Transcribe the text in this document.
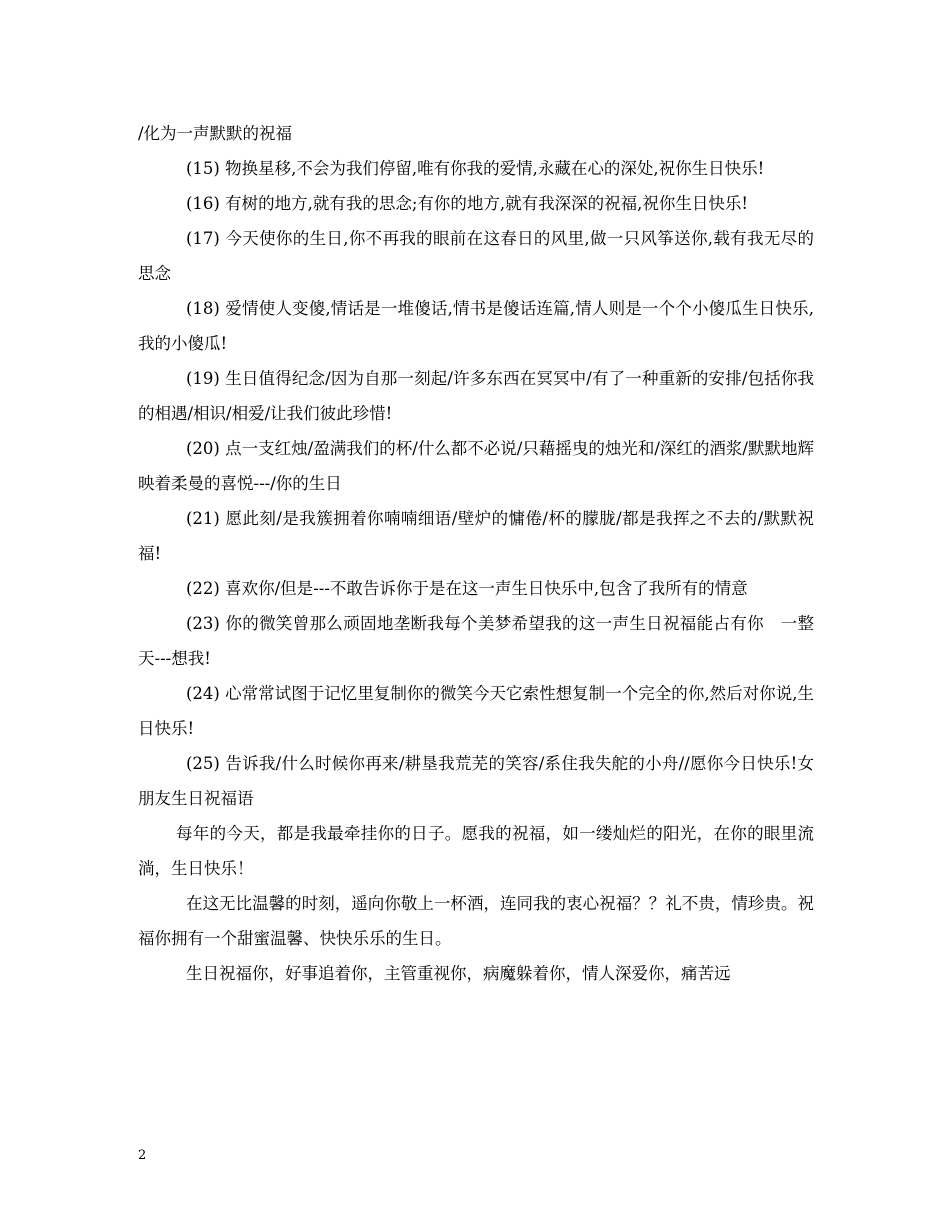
/化为一声默默的祝福

(15) 物换星移,不会为我们停留,唯有你我的爱情,永藏在心的深处,祝你生日快乐!

(16) 有树的地方,就有我的思念;有你的地方,就有我深深的祝福,祝你生日快乐!

(17) 今天使你的生日,你不再我的眼前在这春日的风里,做一只风筝送你,载有我无尽的思念

(18) 爱情使人变傻,情话是一堆傻话,情书是傻话连篇,情人则是一个个小傻瓜生日快乐,我的小傻瓜!

(19) 生日值得纪念/因为自那一刻起/许多东西在冥冥中/有了一种重新的安排/包括你我的相遇/相识/相爱/让我们彼此珍惜!

(20) 点一支红烛/盈满我们的杯/什么都不必说/只藉摇曳的烛光和/深红的酒浆/默默地辉映着柔曼的喜悦---/你的生日

(21) 愿此刻/是我簇拥着你喃喃细语/壁炉的慵倦/杯的朦胧/都是我挥之不去的/默默祝福!

(22) 喜欢你/但是---不敢告诉你于是在这一声生日快乐中,包含了我所有的情意

(23) 你的微笑曾那么顽固地垄断我每个美梦希望我的这一声生日祝福能占有你   一整天---想我!

(24) 心常常试图于记忆里复制你的微笑今天它索性想复制一个完全的你,然后对你说,生日快乐!

(25) 告诉我/什么时候你再来/耕垦我荒芜的笑容/系住我失舵的小舟//愿你今日快乐!女朋友生日祝福语

每年的今天，都是我最牵挂你的日子。愿我的祝福，如一缕灿烂的阳光，在你的眼里流淌，生日快乐！

在这无比温馨的时刻，遥向你敬上一杯酒，连同我的衷心祝福？？礼不贵，情珍贵。祝福你拥有一个甜蜜温馨、快快乐乐的生日。

生日祝福你，好事追着你，主管重视你，病魔躲着你，情人深爱你，痛苦远

2
